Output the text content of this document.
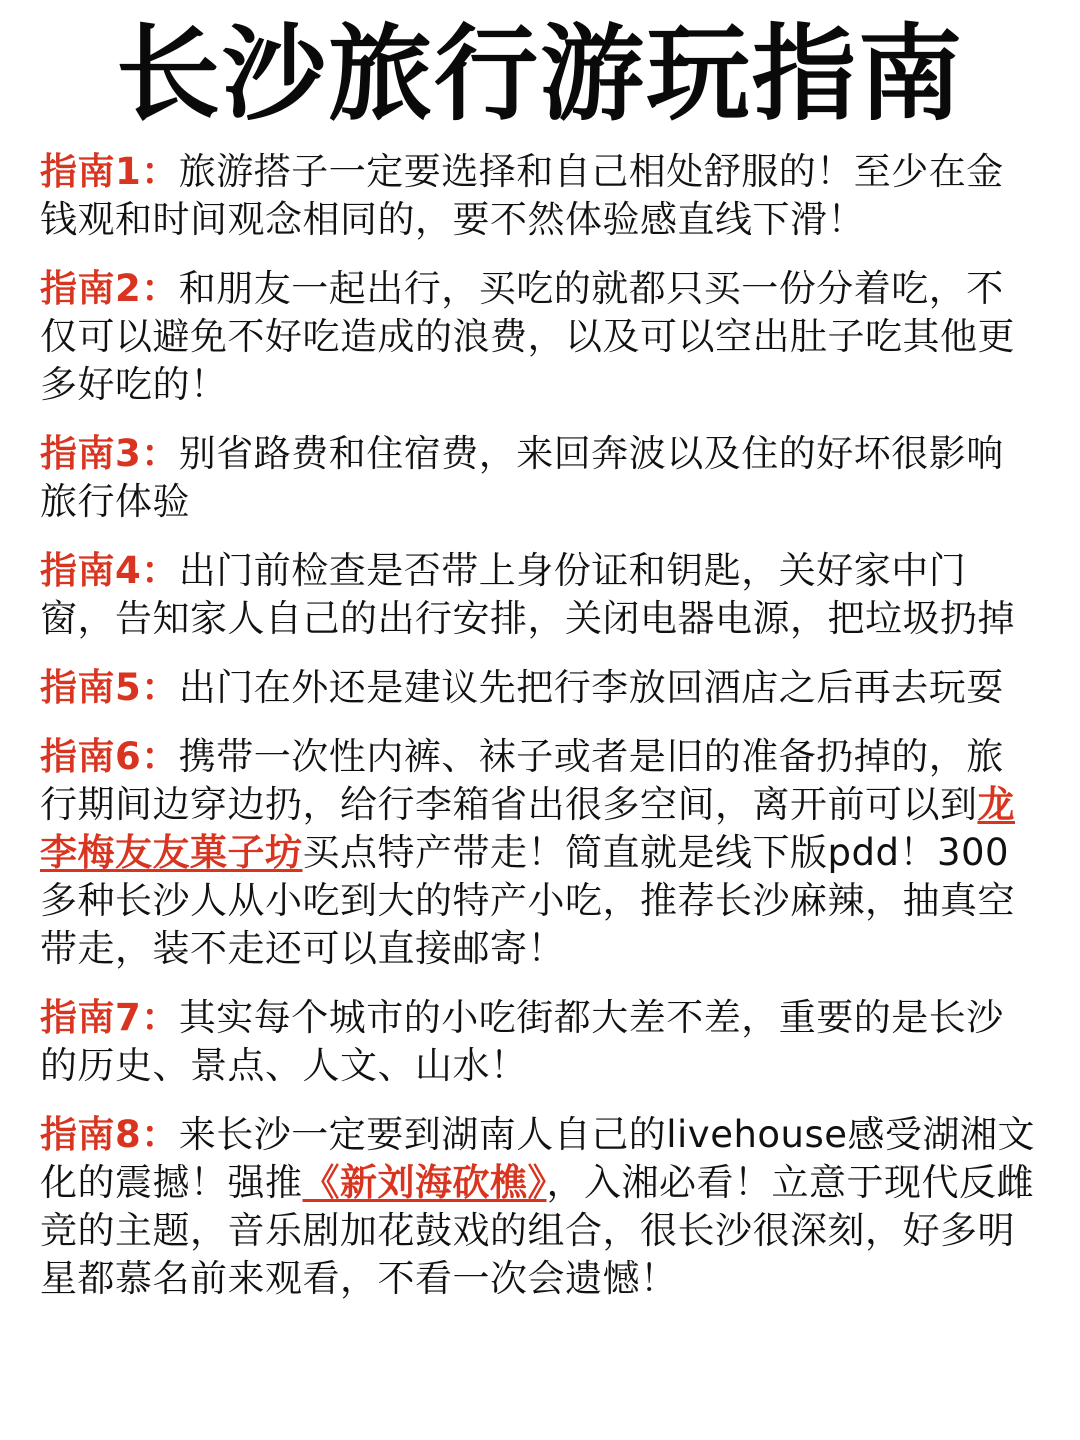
长沙旅行游玩指南

指南1：旅游搭子一定要选择和自己相处舒服的！至少在金钱观和时间观念相同的，要不然体验感直线下滑！

指南2：和朋友一起出行，买吃的就都只买一份分着吃，不仅可以避免不好吃造成的浪费，以及可以空出肚子吃其他更多好吃的！

指南3：别省路费和住宿费，来回奔波以及住的好坏很影响旅行体验

指南4：出门前检查是否带上身份证和钥匙，关好家中门窗，告知家人自己的出行安排，关闭电器电源，把垃圾扔掉

指南5：出门在外还是建议先把行李放回酒店之后再去玩耍

指南6：携带一次性内裤、袜子或者是旧的准备扔掉的，旅行期间边穿边扔，给行李箱省出很多空间，离开前可以到龙李梅友友菓子坊买点特产带走！简直就是线下版pdd！300多种长沙人从小吃到大的特产小吃，推荐长沙麻辣，抽真空带走，装不走还可以直接邮寄！

指南7：其实每个城市的小吃街都大差不差，重要的是长沙的历史、景点、人文、山水！

指南8：来长沙一定要到湖南人自己的livehouse感受湖湘文化的震撼！强推《新刘海砍樵》，入湘必看！立意于现代反雌竞的主题，音乐剧加花鼓戏的组合，很长沙很深刻，好多明星都慕名前来观看，不看一次会遗憾！
